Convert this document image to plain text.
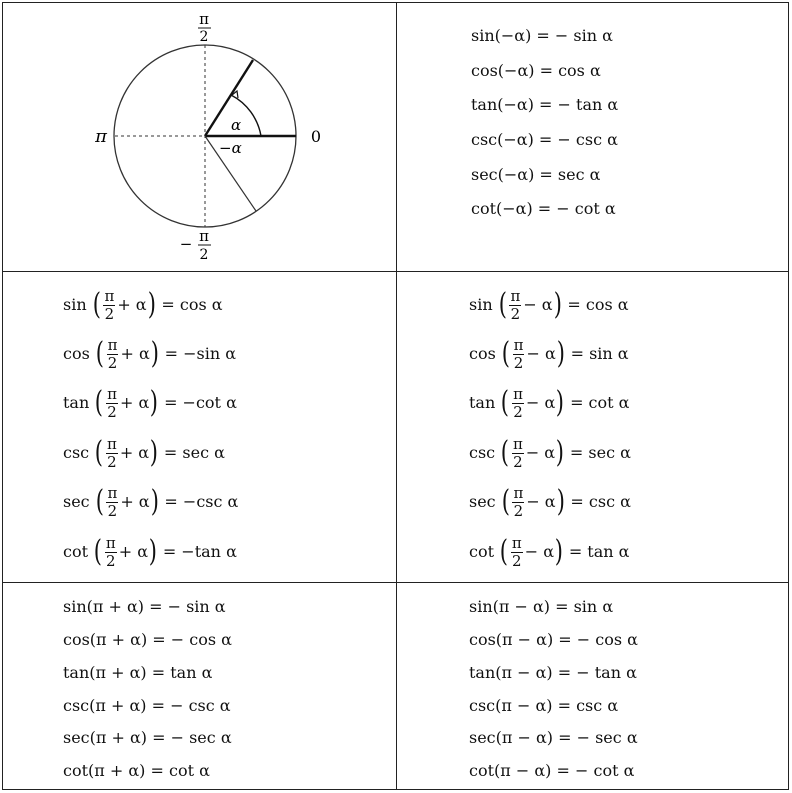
π
2
π	0
α
−α
− π
2
sin(−α) = − sin α
cos(−α) = cos α
tan(−α) = − tan α
csc(−α) = − csc α
sec(−α) = sec α
cot(−α) = − cot α
sin
( $\frac{\pi}{2} + \alpha$ )
= cos α
cos
( $\frac{\pi}{2} + \alpha$ )
= −sin α
tan
( $\frac{\pi}{2} + \alpha$ )
= −cot α
csc
( $\frac{\pi}{2} + \alpha$ )
= sec α
sec
( $\frac{\pi}{2} + \alpha$ )
= −csc α
cot
( $\frac{\pi}{2} + \alpha$ )
= −tan α
sin
( $\frac{\pi}{2} - \alpha$ )
= cos α
cos
( $\frac{\pi}{2} - \alpha$ )
= sin α
tan
( $\frac{\pi}{2} - \alpha$ )
= cot α
csc
( $\frac{\pi}{2} - \alpha$ )
= sec α
sec
( $\frac{\pi}{2} - \alpha$ )
= csc α
cot
( $\frac{\pi}{2} - \alpha$ )
= tan α
sin(π + α) = − sin α
cos(π + α) = − cos α
tan(π + α) = tan α
csc(π + α) = − csc α
sec(π + α) = − sec α
cot(π + α) = cot α
sin(π − α) = sin α
cos(π − α) = − cos α
tan(π − α) = − tan α
csc(π − α) = csc α
sec(π − α) = − sec α
cot(π − α) = − cot α
